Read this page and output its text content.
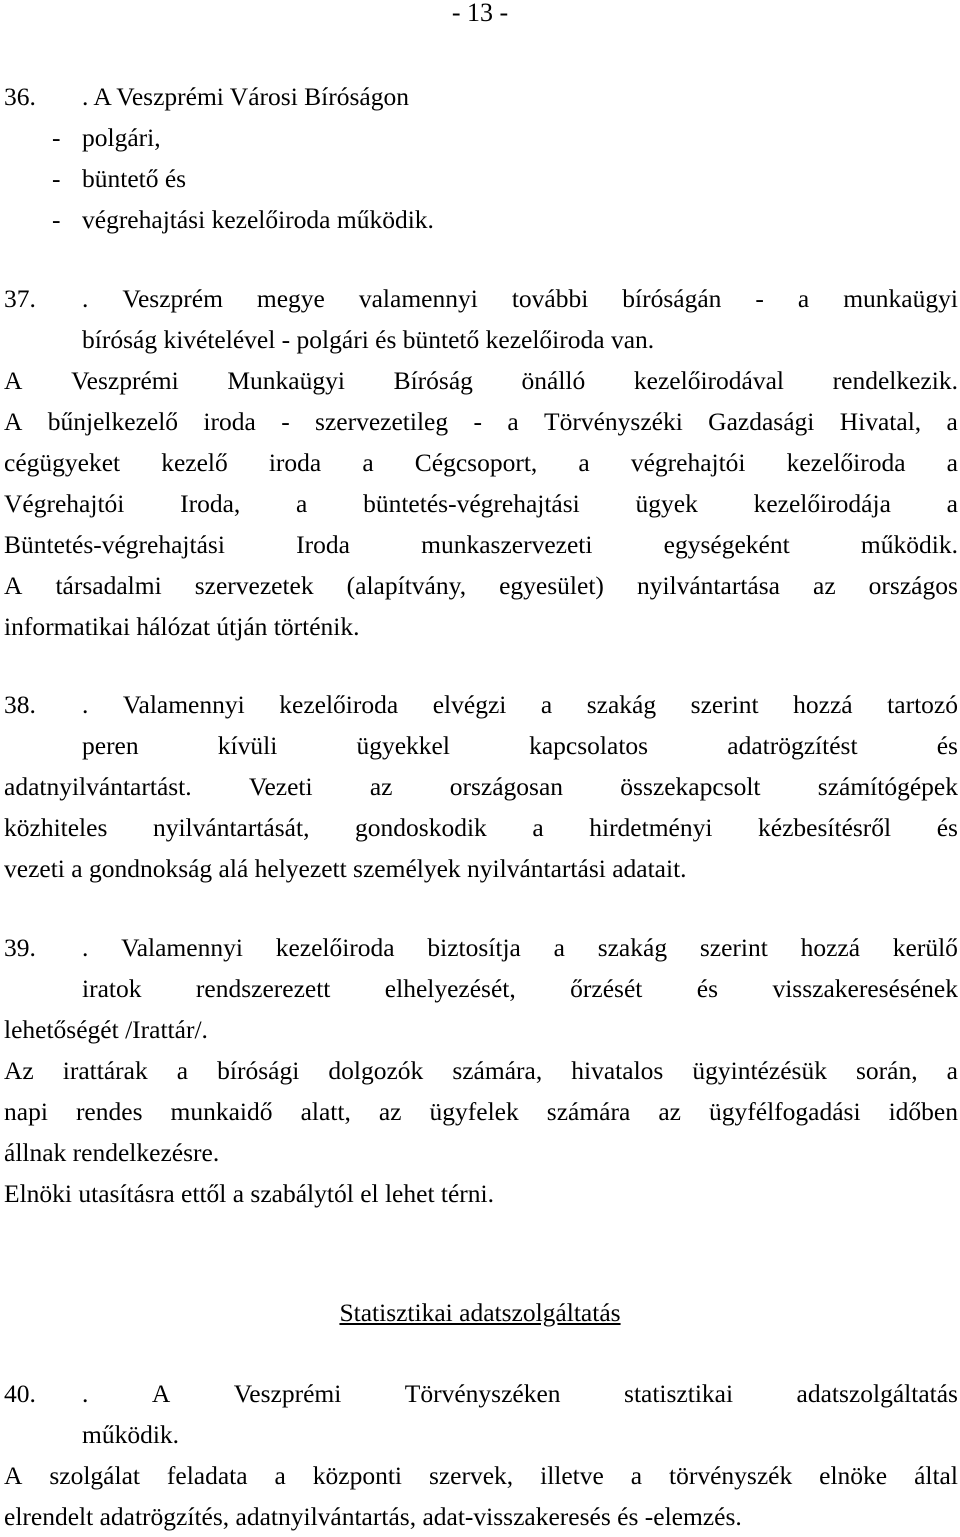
- 13 -
36. . A Veszprémi Városi Bíróságon
- polgári,
- büntető és
- végrehajtási kezelőiroda működik.
37. . Veszprém megye valamennyi további bíróságán - a munkaügyi
bíróság kivételével - polgári és büntető kezelőiroda van.
A Veszprémi Munkaügyi Bíróság önálló kezelőirodával rendelkezik.
A bűnjelkezelő iroda - szervezetileg - a Törvényszéki Gazdasági Hivatal, a
cégügyeket kezelő iroda a Cégcsoport, a végrehajtói kezelőiroda a
Végrehajtói Iroda, a büntetés-végrehajtási ügyek kezelőirodája a
Büntetés-végrehajtási	Iroda	munkaszervezeti	egységeként	működik.
A társadalmi szervezetek (alapítvány, egyesület) nyilvántartása az országos
informatikai hálózat útján történik.
38. . Valamennyi kezelőiroda elvégzi a szakág szerint hozzá tartozó
peren	kívüli	ügyekkel	kapcsolatos	adatrögzítést	és
adatnyilvántartást. Vezeti az országosan összekapcsolt számítógépek
közhiteles nyilvántartását, gondoskodik a hirdetményi kézbesítésről és
vezeti a gondnokság alá helyezett személyek nyilvántartási adatait.
39. . Valamennyi kezelőiroda biztosítja a szakág szerint hozzá kerülő
iratok rendszerezett elhelyezését, őrzését és visszakeresésének
lehetőségét /Irattár/.
Az irattárak a bírósági dolgozók számára, hivatalos ügyintézésük során, a
napi rendes munkaidő alatt, az ügyfelek számára az ügyfélfogadási időben
állnak rendelkezésre.
Elnöki utasításra ettől a szabálytól el lehet térni.
Statisztikai adatszolgáltatás
40. . A Veszprémi Törvényszéken statisztikai adatszolgáltatás
működik.
A szolgálat feladata a központi szervek, illetve a törvényszék elnöke által
elrendelt adatrögzítés, adatnyilvántartás, adat-visszakeresés és -elemzés.
